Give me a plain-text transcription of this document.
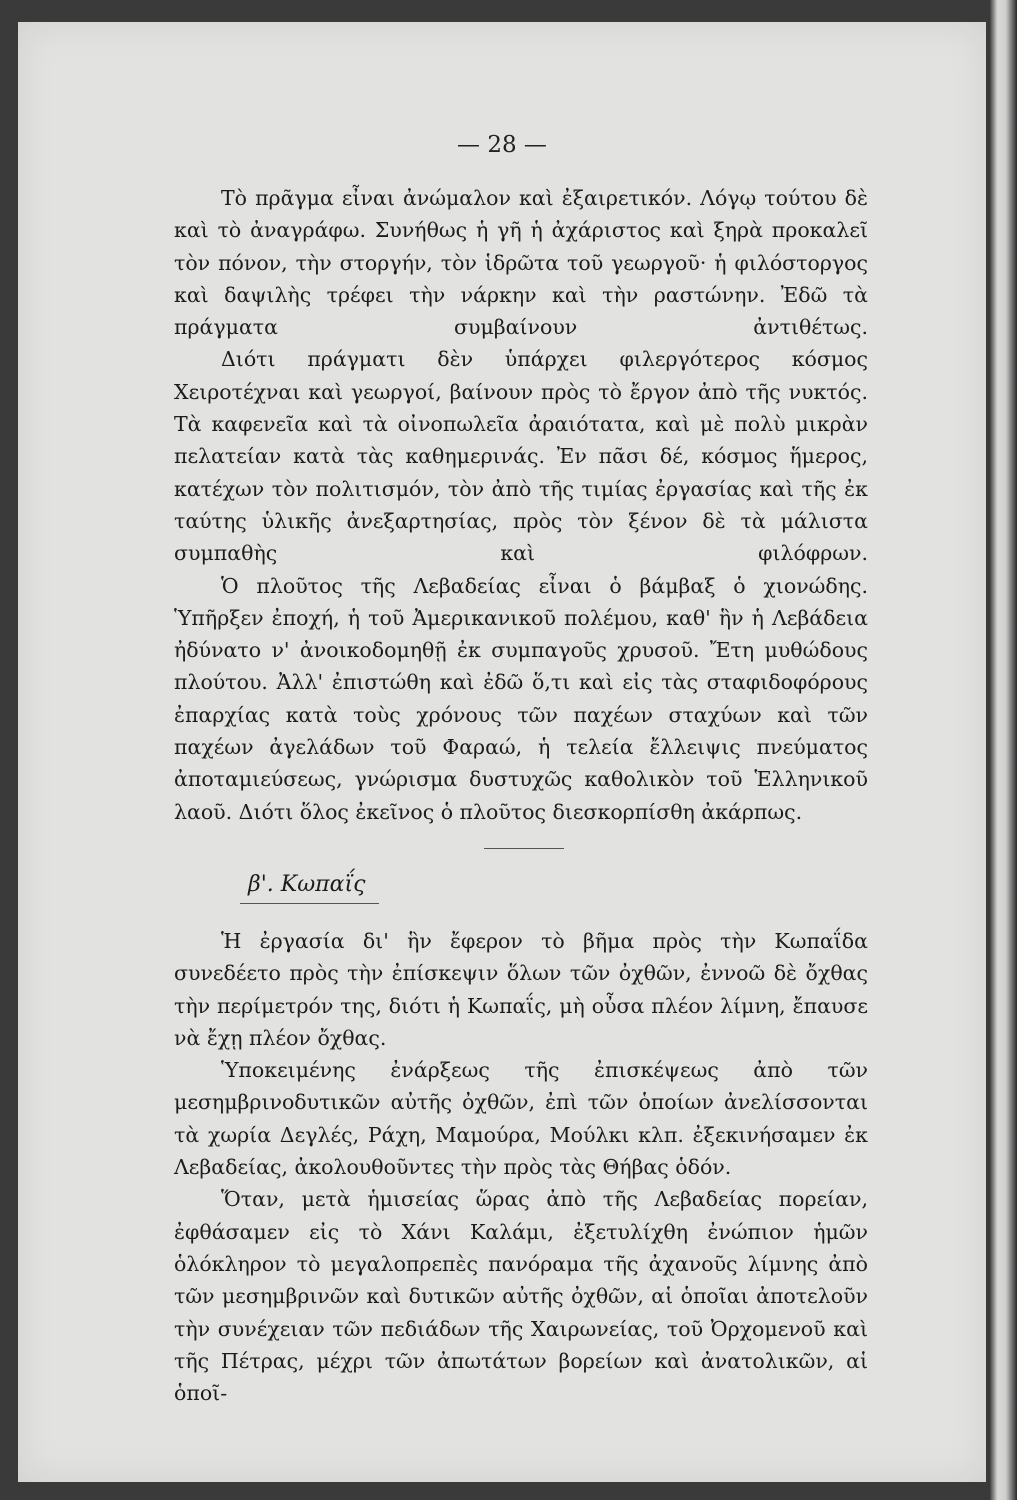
— 28 —

Τὸ πρᾶγμα εἶναι ἀνώμαλον καὶ ἐξαιρετικόν. Λόγῳ τούτου δὲ καὶ τὸ ἀναγράφω. Συνήθως ἡ γῆ ἡ ἀχάριστος καὶ ξηρὰ προκαλεῖ τὸν πόνον, τὴν στοργήν, τὸν ἱδρῶτα τοῦ γεωργοῦ· ἡ φιλόστοργος καὶ δαψιλὴς τρέφει τὴν νάρκην καὶ τὴν ραστώνην. Ἐδῶ τὰ πράγματα συμβαίνουν ἀντιθέτως.

Διότι πράγματι δὲν ὑπάρχει φιλεργότερος κόσμος Χειροτέχναι καὶ γεωργοί, βαίνουν πρὸς τὸ ἔργον ἀπὸ τῆς νυκτός. Τὰ καφενεῖα καὶ τὰ οἰνοπωλεῖα ἀραιότατα, καὶ μὲ πολὺ μικρὰν πελατείαν κατὰ τὰς καθημερινάς. Ἐν πᾶσι δέ, κόσμος ἥμερος, κατέχων τὸν πολιτισμόν, τὸν ἀπὸ τῆς τιμίας ἐργασίας καὶ τῆς ἐκ ταύτης ὑλικῆς ἀνεξαρτησίας, πρὸς τὸν ξένον δὲ τὰ μάλιστα συμπαθὴς καὶ φιλόφρων.

Ὁ πλοῦτος τῆς Λεβαδείας εἶναι ὁ βάμβαξ ὁ χιονώδης. Ὑπῆρξεν ἐποχή, ἡ τοῦ Ἀμερικανικοῦ πολέμου, καθ' ἣν ἡ Λεβάδεια ἠδύνατο ν' ἀνοικοδομηθῇ ἐκ συμπαγοῦς χρυσοῦ. Ἔτη μυθώδους πλούτου. Ἀλλ' ἐπιστώθη καὶ ἐδῶ ὅ,τι καὶ εἰς τὰς σταφιδοφόρους ἐπαρχίας κατὰ τοὺς χρόνους τῶν παχέων σταχύων καὶ τῶν παχέων ἀγελάδων τοῦ Φαραώ, ἡ τελεία ἔλλειψις πνεύματος ἀποταμιεύσεως, γνώρισμα δυστυχῶς καθολικὸν τοῦ Ἑλληνικοῦ λαοῦ. Διότι ὅλος ἐκεῖνος ὁ πλοῦτος διεσκορπίσθη ἀκάρπως.

β'. Κωπαΐς

Ἡ ἐργασία δι' ἣν ἔφερον τὸ βῆμα πρὸς τὴν Κωπαΐδα συνεδέετο πρὸς τὴν ἐπίσκεψιν ὅλων τῶν ὀχθῶν, ἐννοῶ δὲ ὄχθας τὴν περίμετρόν της, διότι ἡ Κωπαΐς, μὴ οὖσα πλέον λίμνη, ἔπαυσε νὰ ἔχῃ πλέον ὄχθας.

Ὑποκειμένης ἐνάρξεως τῆς ἐπισκέψεως ἀπὸ τῶν μεσημβρινοδυτικῶν αὐτῆς ὀχθῶν, ἐπὶ τῶν ὁποίων ἀνελίσσονται τὰ χωρία Δεγλές, Ράχη, Μαμούρα, Μούλκι κλπ. ἐξεκινήσαμεν ἐκ Λεβαδείας, ἀκολουθοῦντες τὴν πρὸς τὰς Θήβας ὁδόν.

Ὅταν, μετὰ ἡμισείας ὥρας ἀπὸ τῆς Λεβαδείας πορείαν, ἐφθάσαμεν εἰς τὸ Χάνι Καλάμι, ἐξετυλίχθη ἐνώπιον ἡμῶν ὁλόκληρον τὸ μεγαλοπρεπὲς πανόραμα τῆς ἀχανοῦς λίμνης ἀπὸ τῶν μεσημβρινῶν καὶ δυτικῶν αὐτῆς ὀχθῶν, αἱ ὁποῖαι ἀποτελοῦν τὴν συνέχειαν τῶν πεδιάδων τῆς Χαιρωνείας, τοῦ Ὀρχομενοῦ καὶ τῆς Πέτρας, μέχρι τῶν ἀπωτάτων βορείων καὶ ἀνατολικῶν, αἱ ὁποῖ-
